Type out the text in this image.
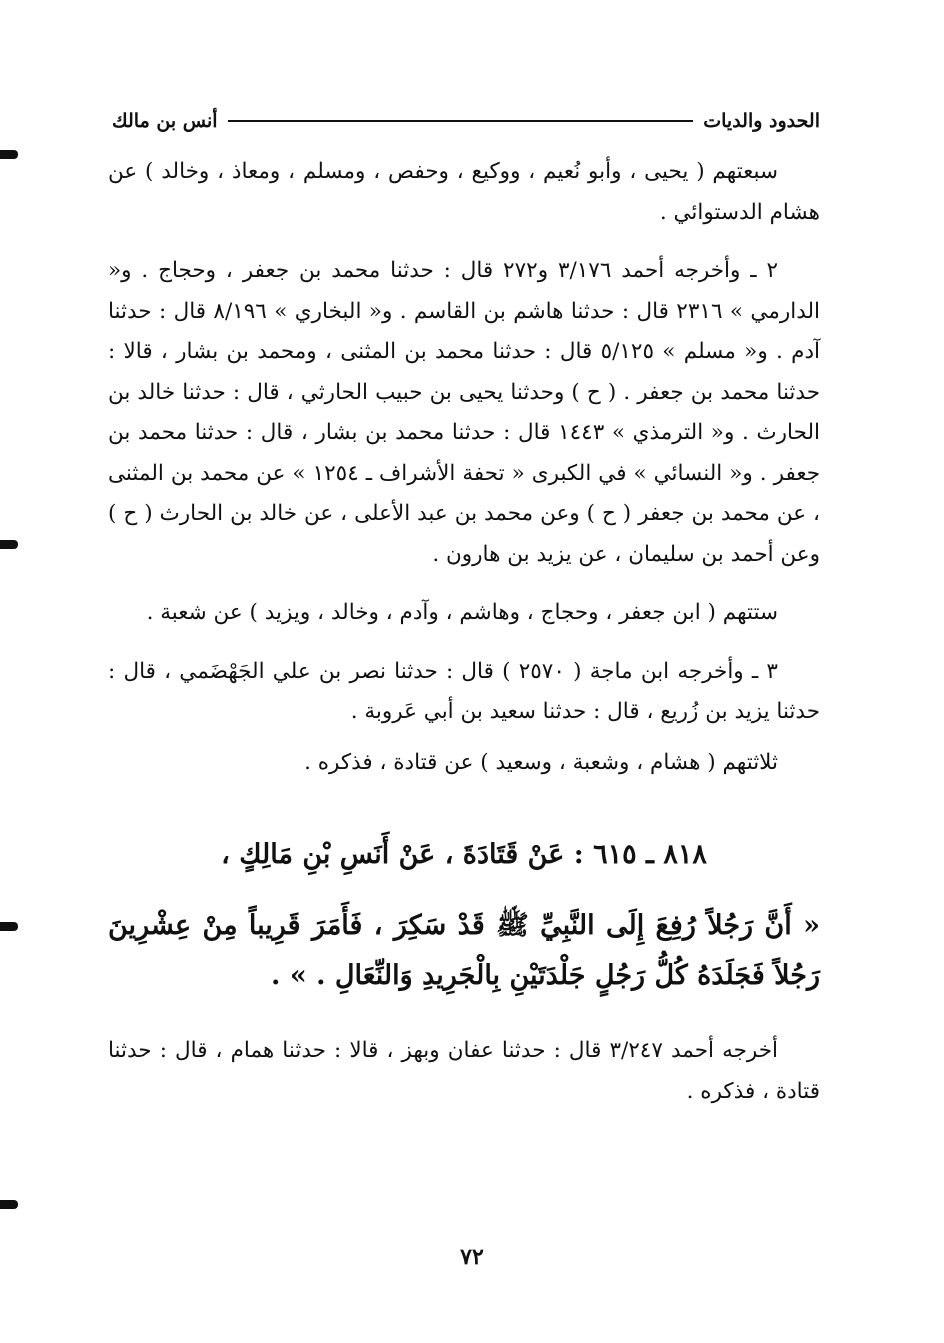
الحدود والديات
أنس بن مالك

سبعتهم ( يحيى ، وأبو نُعيم ، ووكيع ، وحفص ، ومسلم ، ومعاذ ، وخالد ) عن هشام الدستوائي .

٢ ـ وأخرجه أحمد ٣/١٧٦ و٢٧٢ قال : حدثنا محمد بن جعفر ، وحجاج . و« الدارمي » ٢٣١٦ قال : حدثنا هاشم بن القاسم . و« البخاري » ٨/١٩٦ قال : حدثنا آدم . و« مسلم » ٥/١٢٥ قال : حدثنا محمد بن المثنى ، ومحمد بن بشار ، قالا : حدثنا محمد بن جعفر . ( ح ) وحدثنا يحيى بن حبيب الحارثي ، قال : حدثنا خالد بن الحارث . و« الترمذي » ١٤٤٣ قال : حدثنا محمد بن بشار ، قال : حدثنا محمد بن جعفر . و« النسائي » في الكبرى « تحفة الأشراف ـ ١٢٥٤ » عن محمد بن المثنى ، عن محمد بن جعفر ( ح ) وعن محمد بن عبد الأعلى ، عن خالد بن الحارث ( ح ) وعن أحمد بن سليمان ، عن يزيد بن هارون .

ستتهم ( ابن جعفر ، وحجاج ، وهاشم ، وآدم ، وخالد ، ويزيد ) عن شعبة .

٣ ـ وأخرجه ابن ماجة ( ٢٥٧٠ ) قال : حدثنا نصر بن علي الجَهْضَمي ، قال : حدثنا يزيد بن زُريع ، قال : حدثنا سعيد بن أبي عَروبة .

ثلاثتهم ( هشام ، وشعبة ، وسعيد ) عن قتادة ، فذكره .

٨١٨ ـ ٦١٥ : عَنْ قَتَادَةَ ، عَنْ أَنَسِ بْنِ مَالِكٍ ،
« أَنَّ رَجُلاً رُفِعَ إِلَى النَّبِيِّ ﷺ قَدْ سَكِرَ ، فَأَمَرَ قَرِيباً مِنْ عِشْرِينَ رَجُلاً فَجَلَدَهُ كُلُّ رَجُلٍ جَلْدَتَيْنِ بِالْجَرِيدِ وَالنِّعَالِ . » .

أخرجه أحمد ٣/٢٤٧ قال : حدثنا عفان وبهز ، قالا : حدثنا همام ، قال : حدثنا قتادة ، فذكره .

٧٢
